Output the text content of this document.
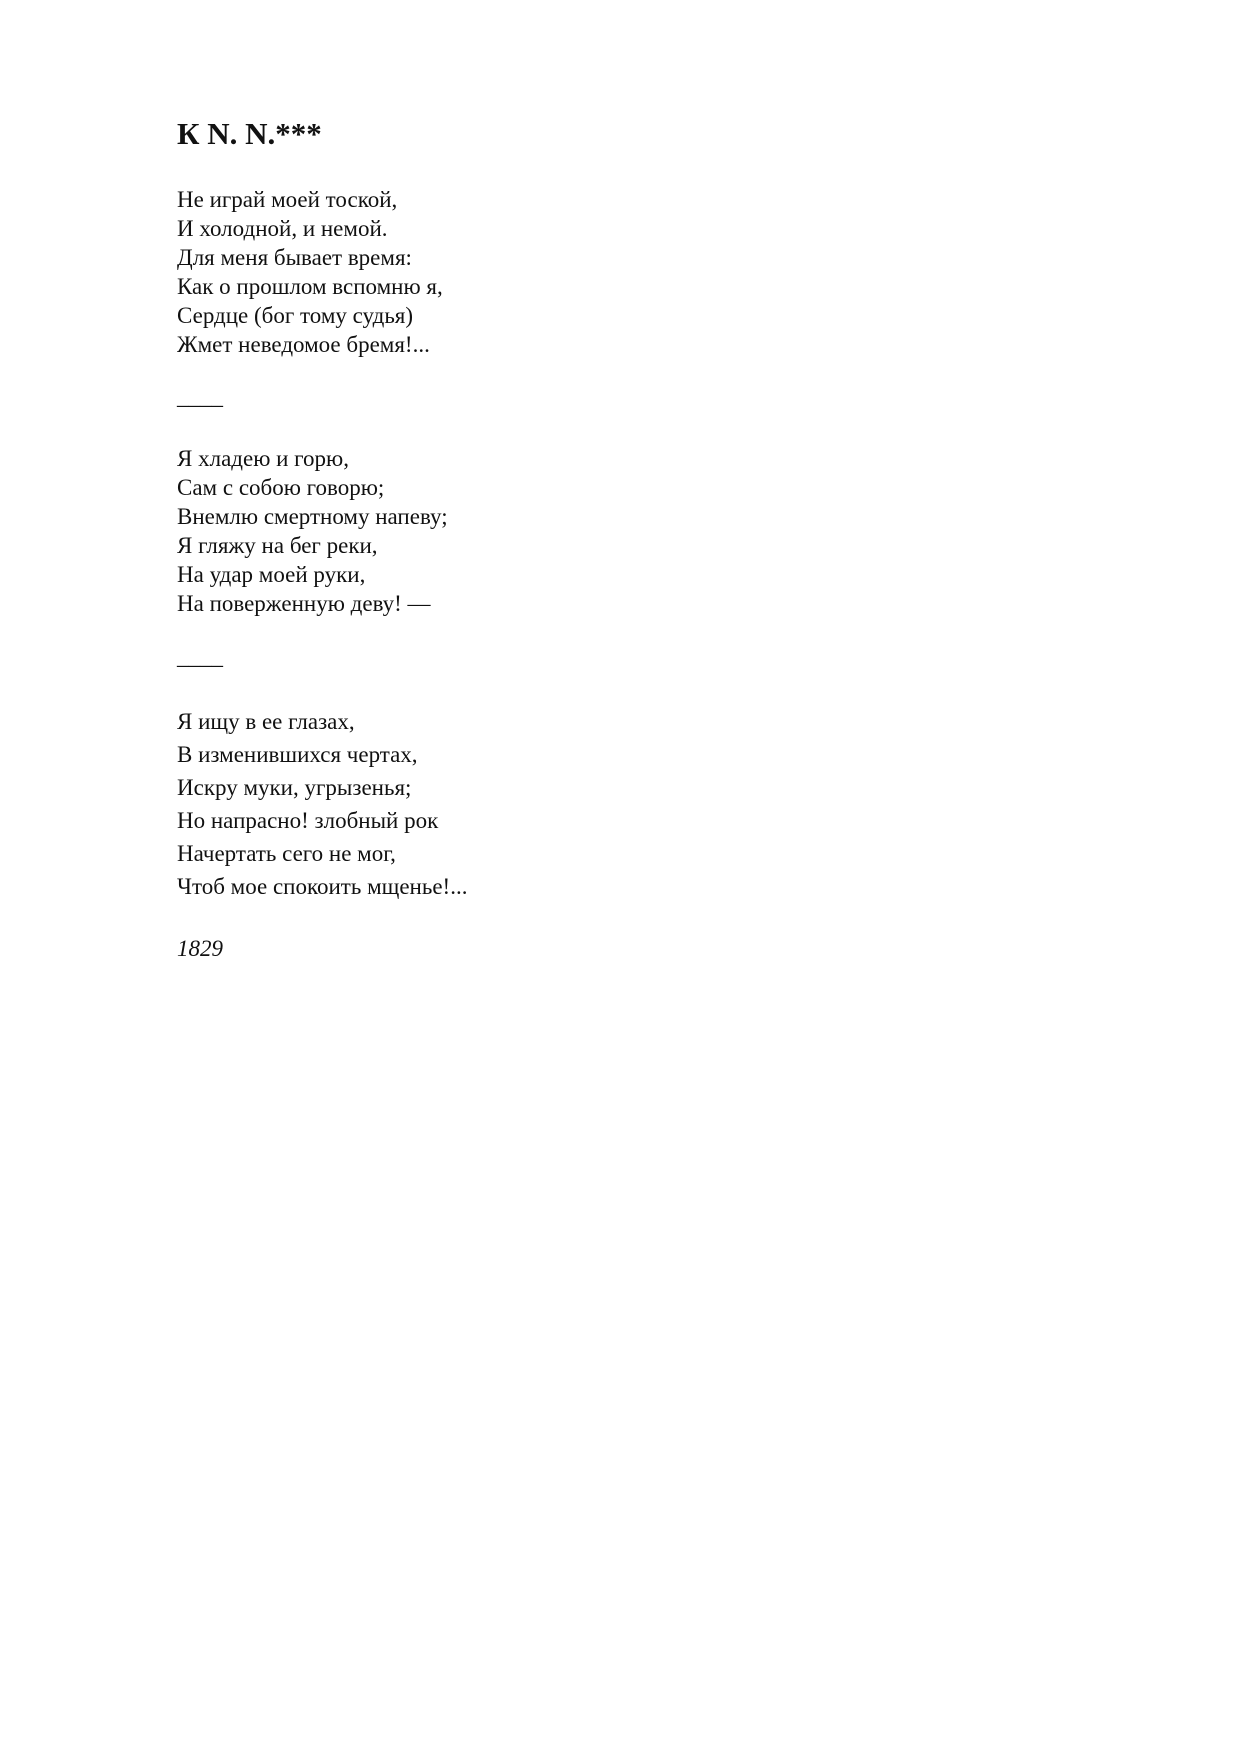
К N. N.***
Не играй моей тоской,
И холодной, и немой.
Для меня бывает время:
Как о прошлом вспомню я,
Сердце (бог тому судья)
Жмет неведомое бремя!...
____
Я хладею и горю,
Сам с собою говорю;
Внемлю смертному напеву;
Я гляжу на бег реки,
На удар моей руки,
На поверженную деву! —
____
Я ищу в ее глазах,
В изменившихся чертах,
Искру муки, угрызенья;
Но напрасно! злобный рок
Начертать сего не мог,
Чтоб мое спокоить мщенье!...
1829
